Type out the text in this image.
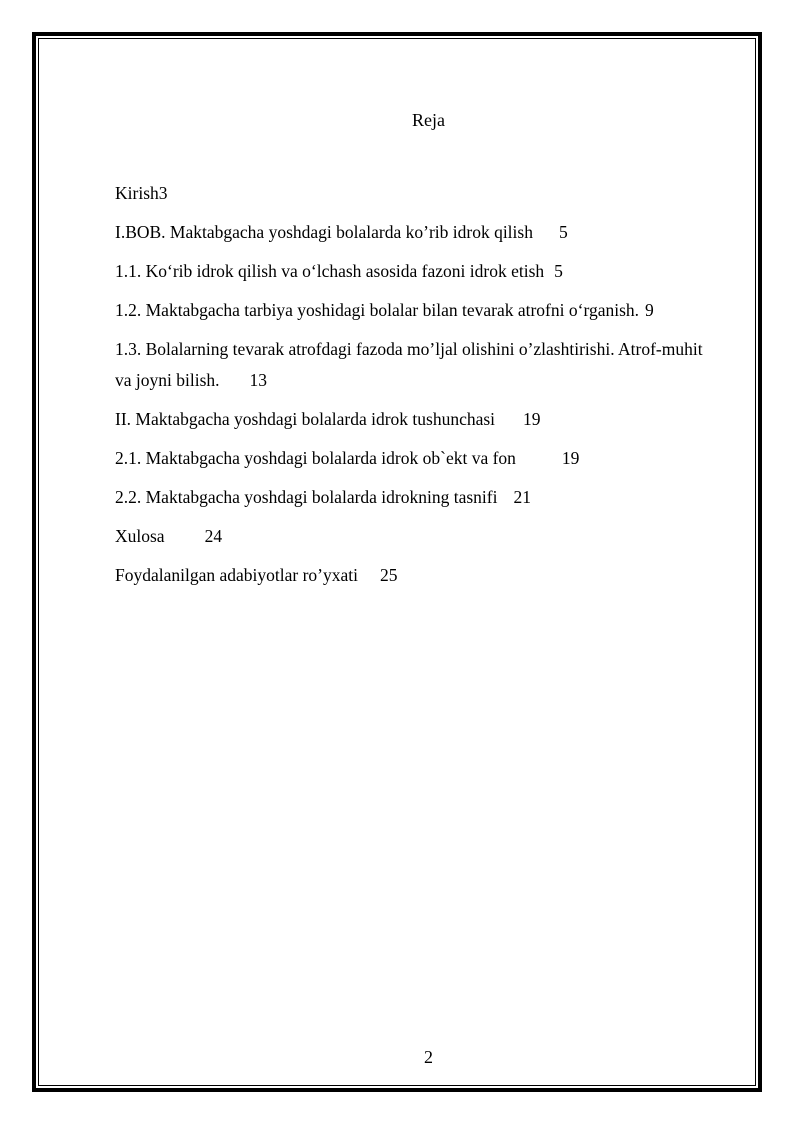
Reja
Kirish3
I.BOB. Maktabgacha yoshdagi bolalarda ko’rib idrok qilish 5
1.1. Ko‘rib idrok qilish va o‘lchash asosida fazoni idrok etish 5
1.2. Maktabgacha tarbiya yoshidagi bolalar bilan tevarak atrofni o‘rganish. 9
1.3. Bolalarning tevarak atrofdagi fazoda mo’ljal olishini o’zlashtirishi. Atrof-muhit va joyni bilish. 13
II. Maktabgacha yoshdagi bolalarda idrok tushunchasi 19
2.1. Maktabgacha yoshdagi bolalarda idrok ob`ekt va fon	19
2.2. Maktabgacha yoshdagi bolalarda idrokning tasnifi 21
Xulosa 24
Foydalanilgan adabiyotlar ro’yxati 25
2
